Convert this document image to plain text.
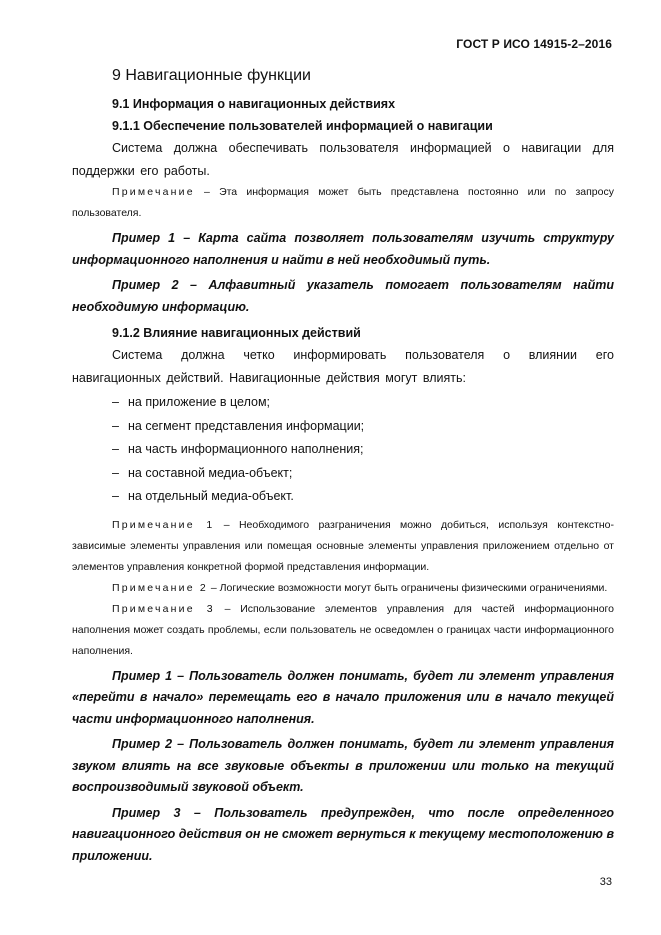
ГОСТ Р ИСО 14915-2–2016
9 Навигационные функции
9.1 Информация о навигационных действиях
9.1.1 Обеспечение пользователей информацией о навигации
Система должна обеспечивать пользователя информацией о навигации для поддержки его работы.
Примечание – Эта информация может быть представлена постоянно или по запросу пользователя.
Пример 1 – Карта сайта позволяет пользователям изучить структуру информационного наполнения и найти в ней необходимый путь.
Пример 2 – Алфавитный указатель помогает пользователям найти необходимую информацию.
9.1.2 Влияние навигационных действий
Система должна четко информировать пользователя о влиянии его навигационных действий. Навигационные действия могут влиять:
– на приложение в целом;
– на сегмент представления информации;
– на часть информационного наполнения;
– на составной медиа-объект;
– на отдельный медиа-объект.
Примечание 1 – Необходимого разграничения можно добиться, используя контекстно-зависимые элементы управления или помещая основные элементы управления приложением отдельно от элементов управления конкретной формой представления информации.
Примечание 2 – Логические возможности могут быть ограничены физическими ограничениями.
Примечание 3 – Использование элементов управления для частей информационного наполнения может создать проблемы, если пользователь не осведомлен о границах части информационного наполнения.
Пример 1 – Пользователь должен понимать, будет ли элемент управления «перейти в начало» перемещать его в начало приложения или в начало текущей части информационного наполнения.
Пример 2 – Пользователь должен понимать, будет ли элемент управления звуком влиять на все звуковые объекты в приложении или только на текущий воспроизводимый звуковой объект.
Пример 3 – Пользователь предупрежден, что после определенного навигационного действия он не сможет вернуться к текущему местоположению в приложении.
33
